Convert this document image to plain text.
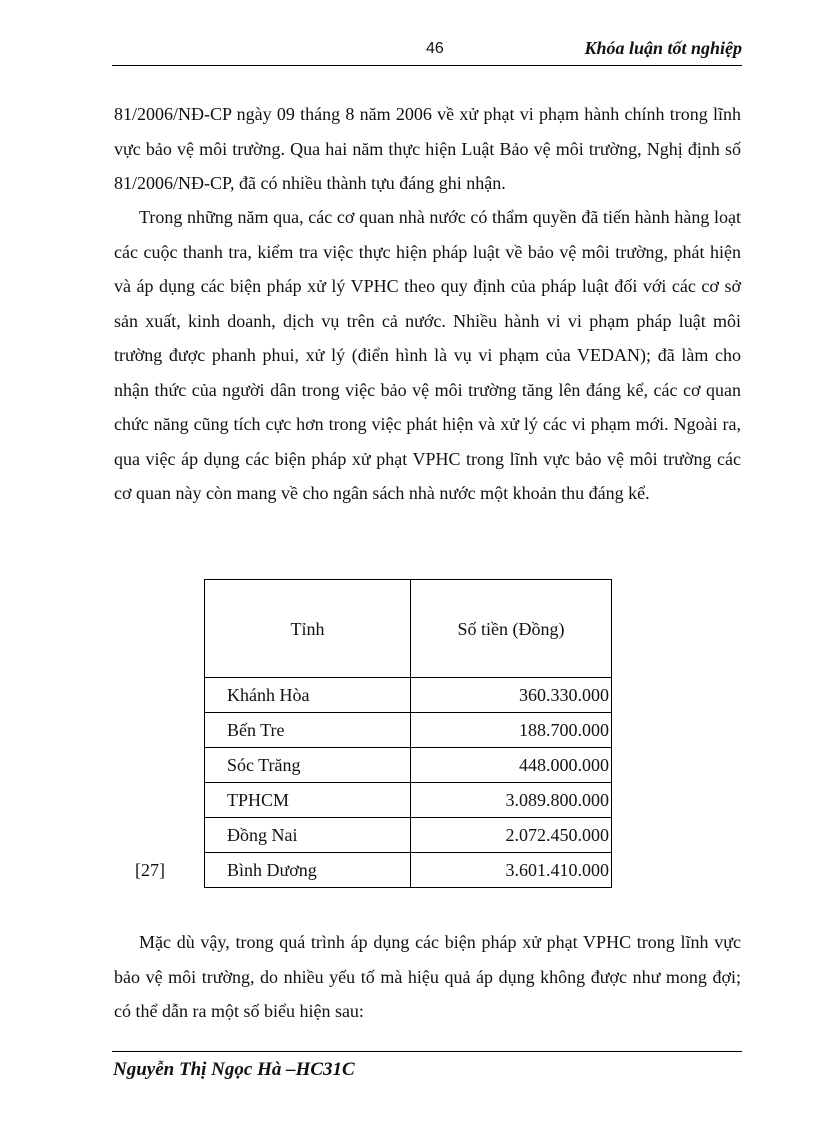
46	Khóa luận tốt nghiệp

81/2006/NĐ-CP ngày 09 tháng 8 năm 2006 về xử phạt vi phạm hành chính trong lĩnh vực bảo vệ môi trường. Qua hai năm thực hiện Luật Bảo vệ môi trường, Nghị định số 81/2006/NĐ-CP, đã có nhiều thành tựu đáng ghi nhận.

Trong những năm qua, các cơ quan nhà nước có thẩm quyền đã tiến hành hàng loạt các cuộc thanh tra, kiểm tra việc thực hiện pháp luật về bảo vệ môi trường, phát hiện và áp dụng các biện pháp xử lý VPHC theo quy định của pháp luật đối với các cơ sở sản xuất, kinh doanh, dịch vụ trên cả nước. Nhiều hành vi vi phạm pháp luật môi trường được phanh phui, xử lý (điển hình là vụ vi phạm của VEDAN); đã làm cho nhận thức của người dân trong việc bảo vệ môi trường tăng lên đáng kể, các cơ quan chức năng cũng tích cực hơn trong việc phát hiện và xử lý các vi phạm mới. Ngoài ra, qua việc áp dụng các biện pháp xử phạt VPHC trong lĩnh vực bảo vệ môi trường các cơ quan này còn mang về cho ngân sách nhà nước một khoản thu đáng kể.

Tỉnh	Số tiền (Đồng)
Khánh Hòa	360.330.000
Bến Tre	188.700.000
Sóc Trăng	448.000.000
TPHCM	3.089.800.000
Đồng Nai	2.072.450.000
Bình Dương	3.601.410.000
[27]

Mặc dù vậy, trong quá trình áp dụng các biện pháp xử phạt VPHC trong lĩnh vực bảo vệ môi trường, do nhiều yếu tố mà hiệu quả áp dụng không được như mong đợi; có thể dẫn ra một số biểu hiện sau:

Nguyễn Thị Ngọc Hà –HC31C
